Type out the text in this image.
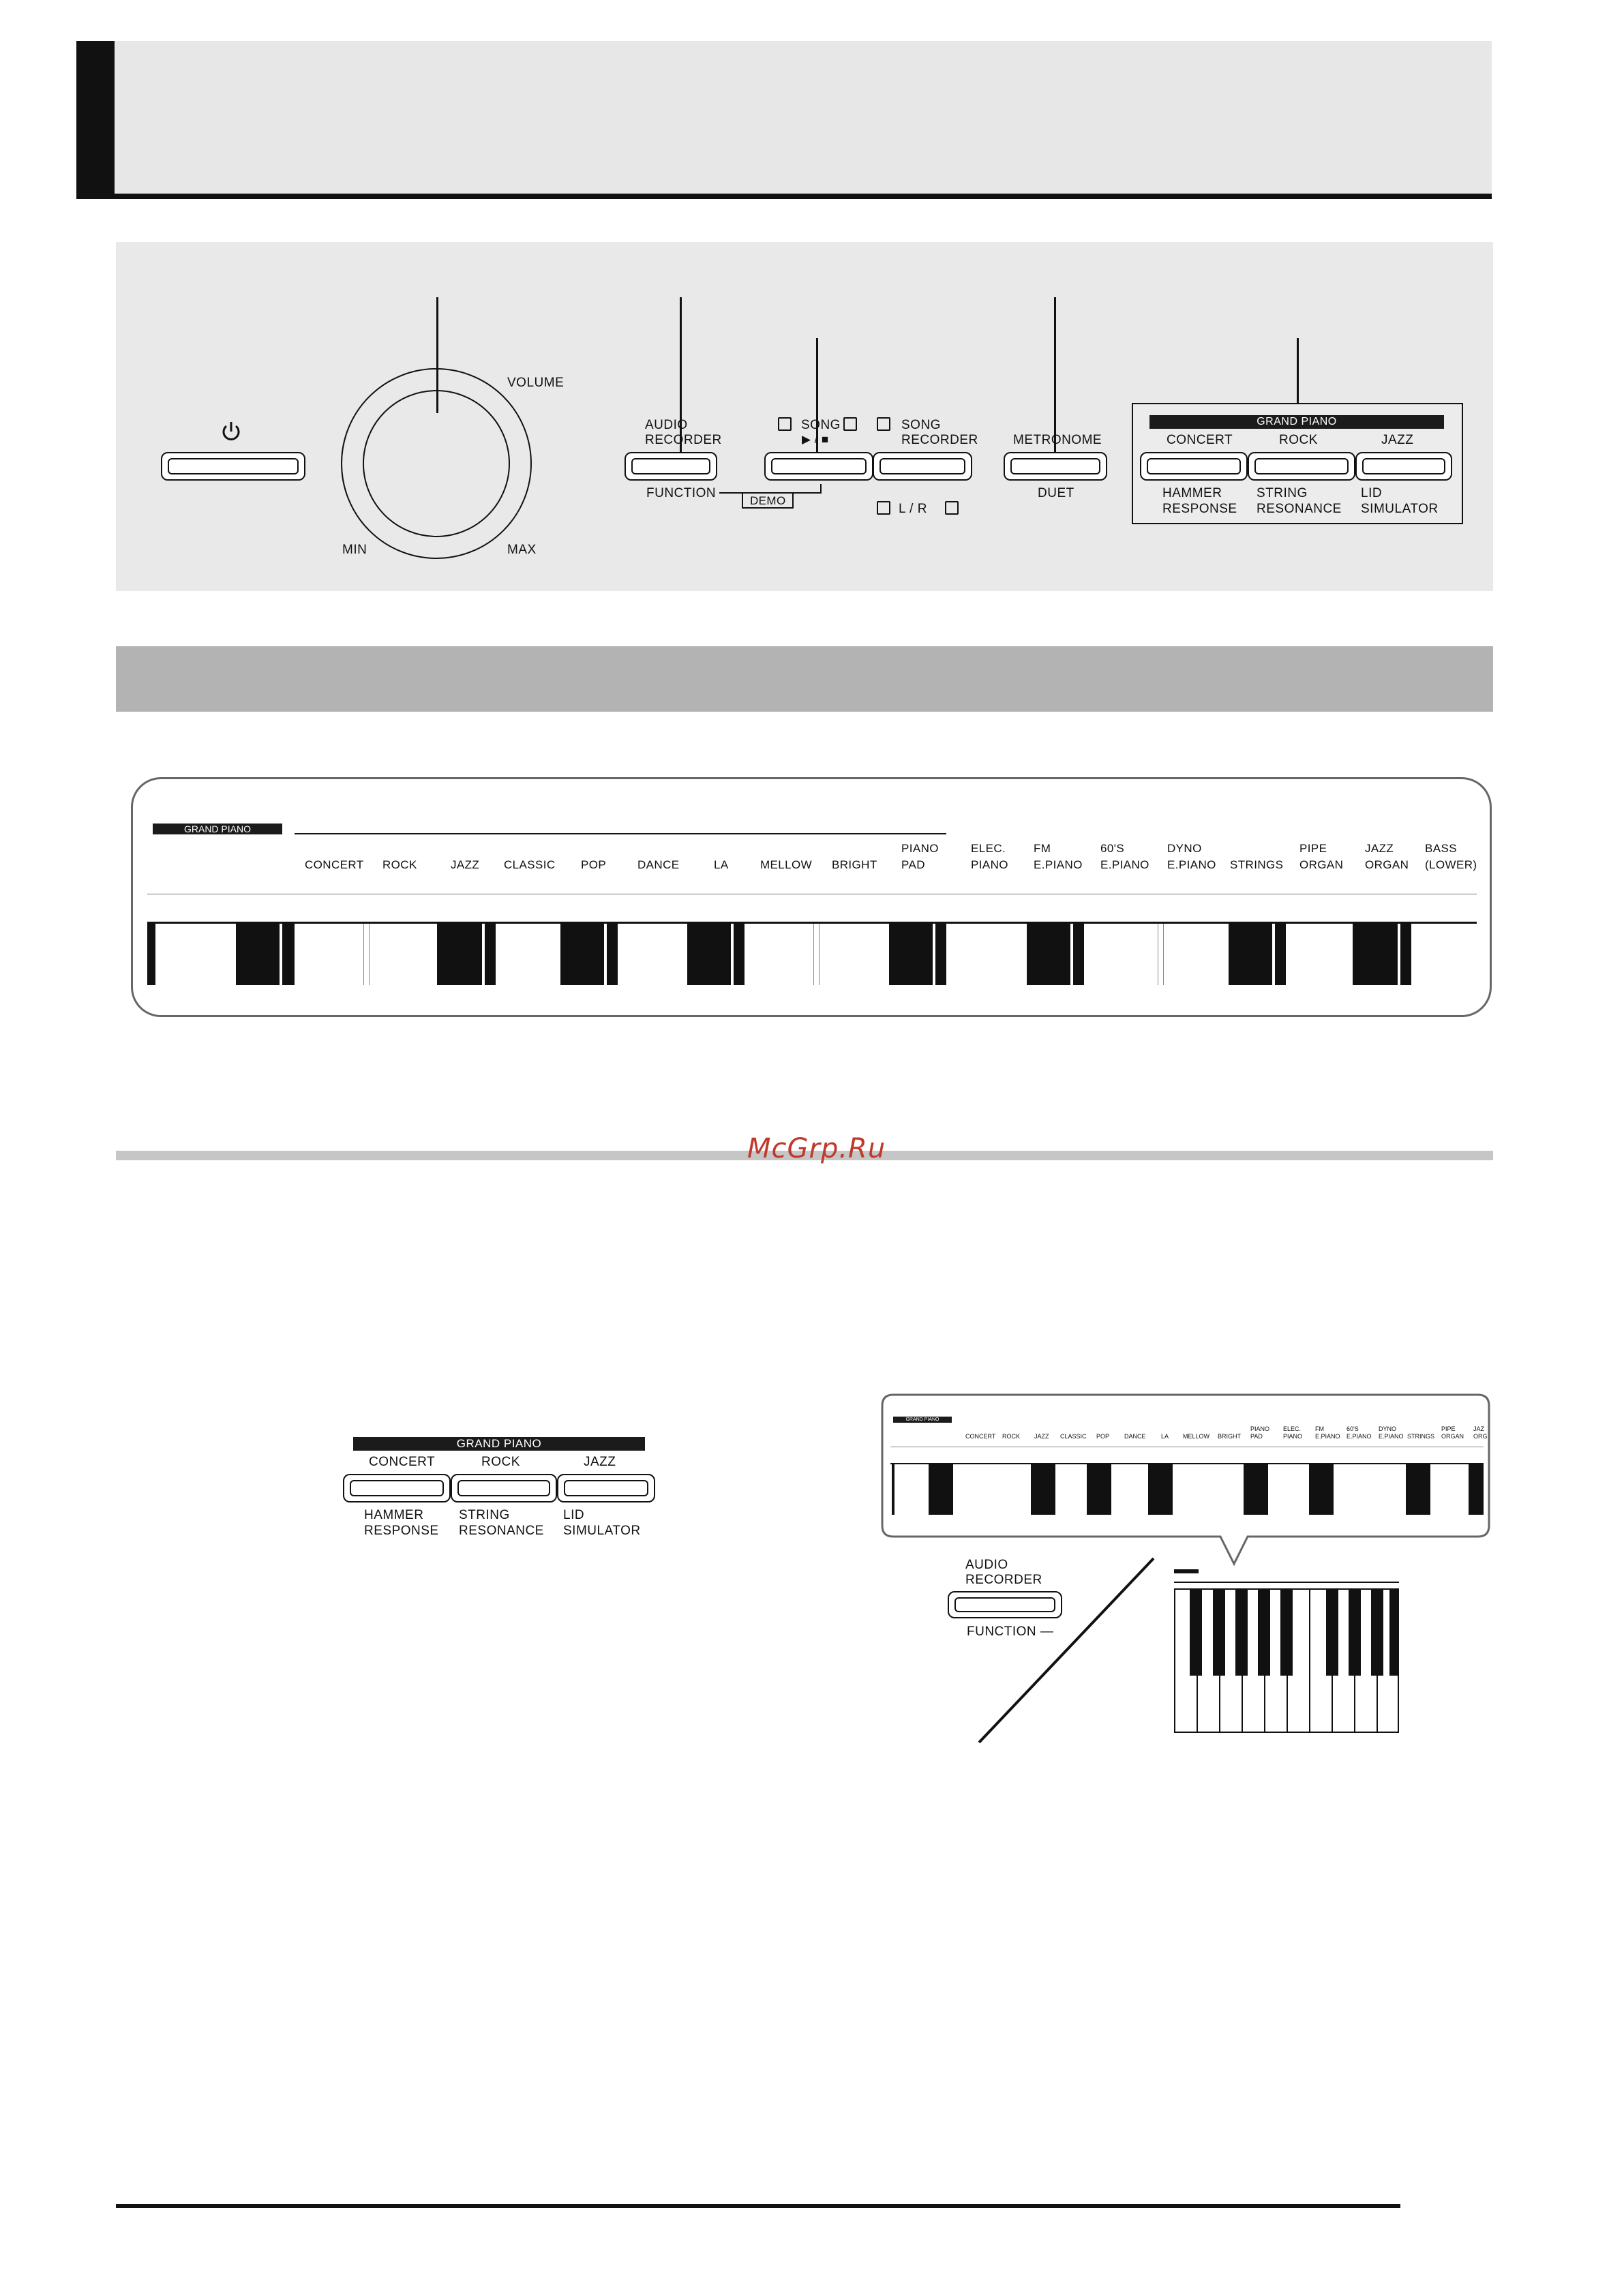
VOLUME
MIN	MAX
AUDIO
RECORDER
FUNCTION
DEMO
SONG
▶ / ■
SONG
RECORDER
L / R
METRONOME
DUET
GRAND PIANO
CONCERT	ROCK	JAZZ
HAMMER
RESPONSE
STRING
RESONANCE
LID
SIMULATOR
GRAND PIANO
CONCERT ROCK	JAZZ CLASSIC POP	DANCE	LA	MELLOW BRIGHT
PIANO
PAD
ELEC.
PIANO
FM
E.PIANO
60'S
E.PIANO
DYNO
E.PIANO STRINGS
PIPE
ORGAN
JAZZ
ORGAN
BASS
(LOWER)
McGrp.Ru
GRAND PIANO
CONCERT	ROCK	JAZZ
HAMMER
RESPONSE
STRING
RESONANCE
LID
SIMULATOR
GRAND PIANO
CONCERT ROCK JAZZ CLASSIC POP DANCE LA MELLOW BRIGHT
PIANO
PAD
ELEC.
PIANO
FM
E.PIANO
60'S
E.PIANO
DYNO
E.PIANO STRINGS
PIPE
ORGAN
JAZ
ORG
AUDIO
RECORDER
FUNCTION —
